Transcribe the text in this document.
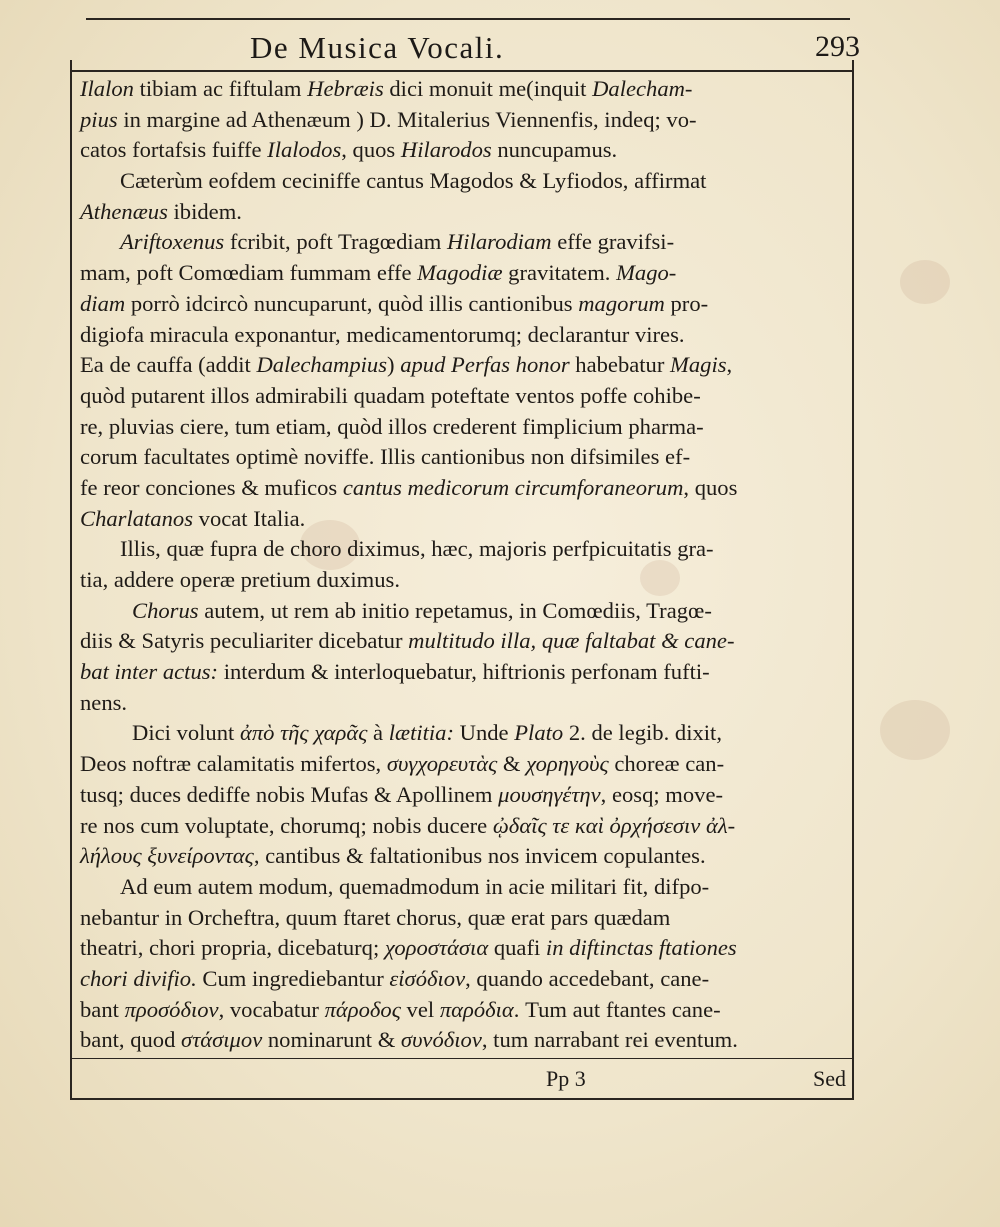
De Musica Vocali.	293
Ilalon tibiam ac fiftulam Hebræis dici monuit me(inquit Dalecham-
pius in margine ad Athenæum ) D. Mitalerius Viennenfis, indeq; vo-
catos fortafsis fuiffe Ilalodos, quos Hilarodos nuncupamus.
Cæterùm eofdem ceciniffe cantus Magodos & Lyfiodos, affirmat
Athenæus ibidem.
Ariftoxenus fcribit, poft Tragœdiam Hilarodiam effe gravifsi-
mam, poft Comœdiam fummam effe Magodiæ gravitatem. Mago-
diam porrò idcircò nuncuparunt, quòd illis cantionibus magorum pro-
digiofa miracula exponantur, medicamentorumq; declarantur vires.
Ea de cauffa (addit Dalechampius) apud Perfas honor habebatur Magis,
quòd putarent illos admirabili quadam poteftate ventos poffe cohibe-
re, pluvias ciere, tum etiam, quòd illos crederent fimplicium pharma-
corum facultates optimè noviffe. Illis cantionibus non difsimiles ef-
fe reor conciones & muficos cantus medicorum circumforaneorum, quos
Charlatanos vocat Italia.
Illis, quæ fupra de choro diximus, hæc, majoris perfpicuitatis gra-
tia, addere operæ pretium duximus.
Chorus autem, ut rem ab initio repetamus, in Comœdiis, Tragœ-
diis & Satyris peculiariter dicebatur multitudo illa, quæ faltabat & cane-
bat inter actus: interdum & interloquebatur, hiftrionis perfonam fufti-
nens.
Dici volunt ἀπὸ τῆς χαρᾶς à lætitia: Unde Plato 2. de legib. dixit,
Deos noftræ calamitatis mifertos, συγχορευτὰς & χορηγοὺς choreæ can-
tusq; duces dediffe nobis Mufas & Apollinem μουσηγέτην, eosq; move-
re nos cum voluptate, chorumq; nobis ducere ᾠδαῖς τε καὶ ὀρχήσεσιν ἀλ-
λήλους ξυνείροντας, cantibus & faltationibus nos invicem copulantes.
Ad eum autem modum, quemadmodum in acie militari fit, difpo-
nebantur in Orcheftra, quum ftaret chorus, quæ erat pars quædam
theatri, chori propria, dicebaturq; χοροστάσια quafi in diftinctas ftationes
chori divifio. Cum ingrediebantur εἰσόδιον, quando accedebant, cane-
bant προσόδιον, vocabatur πάροδος vel παρόδια. Tum aut ftantes cane-
bant, quod στάσιμον nominarunt & συνόδιον, tum narrabant rei eventum.
Pp 3	Sed
